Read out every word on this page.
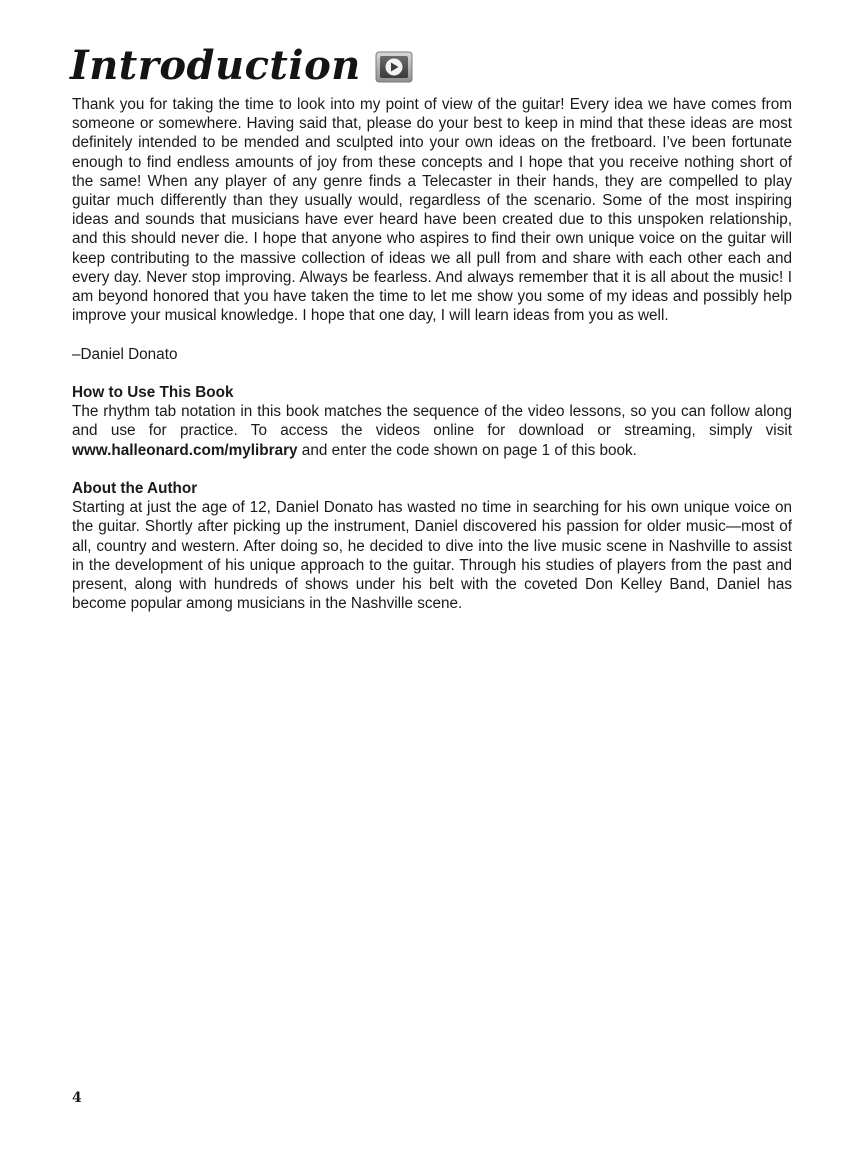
Introduction

Thank you for taking the time to look into my point of view of the guitar! Every idea we have comes from someone or somewhere. Having said that, please do your best to keep in mind that these ideas are most definitely intended to be mended and sculpted into your own ideas on the fretboard. I’ve been fortunate enough to find endless amounts of joy from these concepts and I hope that you receive nothing short of the same! When any player of any genre finds a Telecaster in their hands, they are compelled to play guitar much differently than they usually would, regardless of the scenario. Some of the most inspiring ideas and sounds that musicians have ever heard have been created due to this unspoken relationship, and this should never die. I hope that anyone who aspires to find their own unique voice on the guitar will keep contributing to the massive collection of ideas we all pull from and share with each other each and every day. Never stop improving. Always be fearless. And always remember that it is all about the music! I am beyond honored that you have taken the time to let me show you some of my ideas and possibly help improve your musical knowledge. I hope that one day, I will learn ideas from you as well.

–Daniel Donato

How to Use This Book

The rhythm tab notation in this book matches the sequence of the video lessons, so you can follow along and use for practice. To access the videos online for download or streaming, simply visit www.halleonard.com/mylibrary and enter the code shown on page 1 of this book.

About the Author

Starting at just the age of 12, Daniel Donato has wasted no time in searching for his own unique voice on the guitar. Shortly after picking up the instrument, Daniel discovered his passion for older music—most of all, country and western. After doing so, he decided to dive into the live music scene in Nashville to assist in the development of his unique approach to the guitar. Through his studies of players from the past and present, along with hundreds of shows under his belt with the coveted Don Kelley Band, Daniel has become popular among musicians in the Nashville scene.

4
